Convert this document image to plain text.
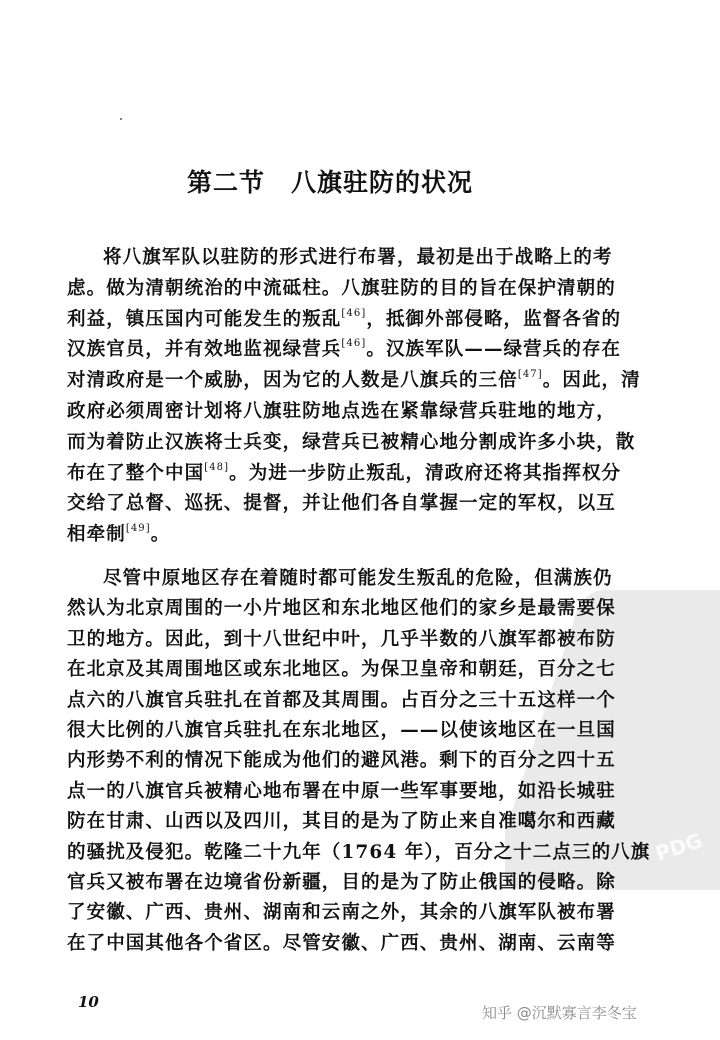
PDG
第二节　八旗驻防的状况
将八旗军队以驻防的形式进行布署，最初是出于战略上的考
虑。做为清朝统治的中流砥柱。八旗驻防的目的旨在保护清朝的
利益，镇压国内可能发生的叛乱[46]，抵御外部侵略，监督各省的
汉族官员，并有效地监视绿营兵[46]。汉族军队——绿营兵的存在
对清政府是一个威胁，因为它的人数是八旗兵的三倍[47]。因此，清
政府必须周密计划将八旗驻防地点选在紧靠绿营兵驻地的地方，
而为着防止汉族将士兵变，绿营兵已被精心地分割成许多小块，散
布在了整个中国[48]。为进一步防止叛乱，清政府还将其指挥权分
交给了总督、巡抚、提督，并让他们各自掌握一定的军权，以互
相牵制[49]。
尽管中原地区存在着随时都可能发生叛乱的危险，但满族仍
然认为北京周围的一小片地区和东北地区他们的家乡是最需要保
卫的地方。因此，到十八世纪中叶，几乎半数的八旗军都被布防
在北京及其周围地区或东北地区。为保卫皇帝和朝廷，百分之七
点六的八旗官兵驻扎在首都及其周围。占百分之三十五这样一个
很大比例的八旗官兵驻扎在东北地区，——以使该地区在一旦国
内形势不利的情况下能成为他们的避风港。剩下的百分之四十五
点一的八旗官兵被精心地布署在中原一些军事要地，如沿长城驻
防在甘肃、山西以及四川，其目的是为了防止来自准噶尔和西藏
的骚扰及侵犯。乾隆二十九年（1764 年），百分之十二点三的八旗
官兵又被布署在边境省份新疆，目的是为了防止俄国的侵略。除
了安徽、广西、贵州、湖南和云南之外，其余的八旗军队被布署
在了中国其他各个省区。尽管安徽、广西、贵州、湖南、云南等
10
知乎 @沉默寡言李冬宝
